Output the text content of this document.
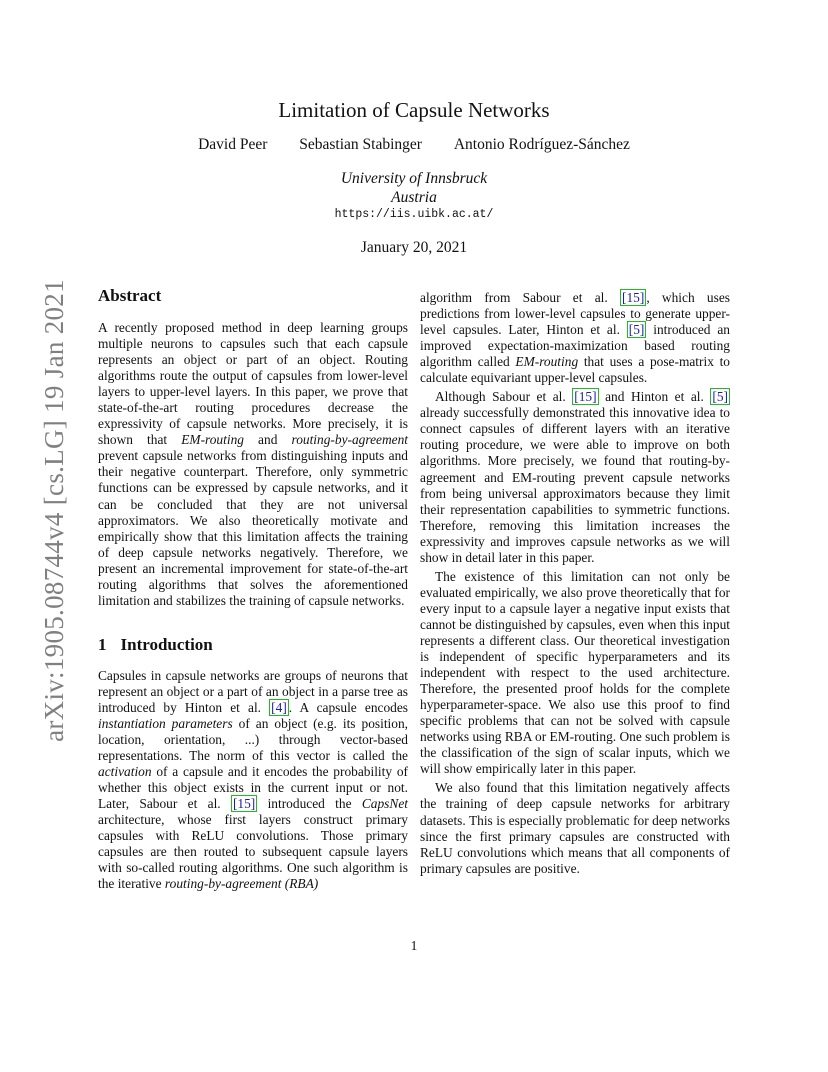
arXiv:1905.08744v4 [cs.LG] 19 Jan 2021
Limitation of Capsule Networks
David Peer Sebastian Stabinger Antonio Rodríguez-Sánchez
University of Innsbruck
Austria
https://iis.uibk.ac.at/
January 20, 2021
Abstract

A recently proposed method in deep learning groups multiple neurons to capsules such that each capsule represents an object or part of an object. Routing algorithms route the output of capsules from lower-level layers to upper-level layers. In this paper, we prove that state-of-the-art routing procedures decrease the expressivity of capsule networks. More precisely, it is shown that EM-routing and routing-by-agreement prevent capsule networks from distinguishing inputs and their negative counterpart. Therefore, only symmetric functions can be expressed by capsule networks, and it can be concluded that they are not universal approximators. We also theoretically motivate and empirically show that this limitation affects the training of deep capsule networks negatively. Therefore, we present an incremental improvement for state-of-the-art routing algorithms that solves the aforementioned limitation and stabilizes the training of capsule networks.

1 Introduction

Capsules in capsule networks are groups of neurons that represent an object or a part of an object in a parse tree as introduced by Hinton et al. [4] . A capsule encodes instantiation parameters of an object (e.g. its position, location, orientation, ...) through vector-based representations. The norm of this vector is called the activation of a capsule and it encodes the probability of whether this object exists in the current input or not. Later, Sabour et al. [15] introduced the CapsNet architecture, whose first layers construct primary capsules with ReLU convolutions. Those primary capsules are then routed to subsequent capsule layers with so-called routing algorithms. One such algorithm is the iterative routing-by-agreement (RBA)

algorithm from Sabour et al. [15] , which uses predictions from lower-level capsules to generate upper-level capsules. Later, Hinton et al. [5] introduced an improved expectation-maximization based routing algorithm called EM-routing that uses a pose-matrix to calculate equivariant upper-level capsules.

Although Sabour et al. [15] and Hinton et al. [5] already successfully demonstrated this innovative idea to connect capsules of different layers with an iterative routing procedure, we were able to improve on both algorithms. More precisely, we found that routing-by-agreement and EM-routing prevent capsule networks from being universal approximators because they limit their representation capabilities to symmetric functions. Therefore, removing this limitation increases the expressivity and improves capsule networks as we will show in detail later in this paper.

The existence of this limitation can not only be evaluated empirically, we also prove theoretically that for every input to a capsule layer a negative input exists that cannot be distinguished by capsules, even when this input represents a different class. Our theoretical investigation is independent of specific hyperparameters and its independent with respect to the used architecture. Therefore, the presented proof holds for the complete hyperparameter-space. We also use this proof to find specific problems that can not be solved with capsule networks using RBA or EM-routing. One such problem is the classification of the sign of scalar inputs, which we will show empirically later in this paper.

We also found that this limitation negatively affects the training of deep capsule networks for arbitrary datasets. This is especially problematic for deep networks since the first primary capsules are constructed with ReLU convolutions which means that all components of primary capsules are positive.

1
